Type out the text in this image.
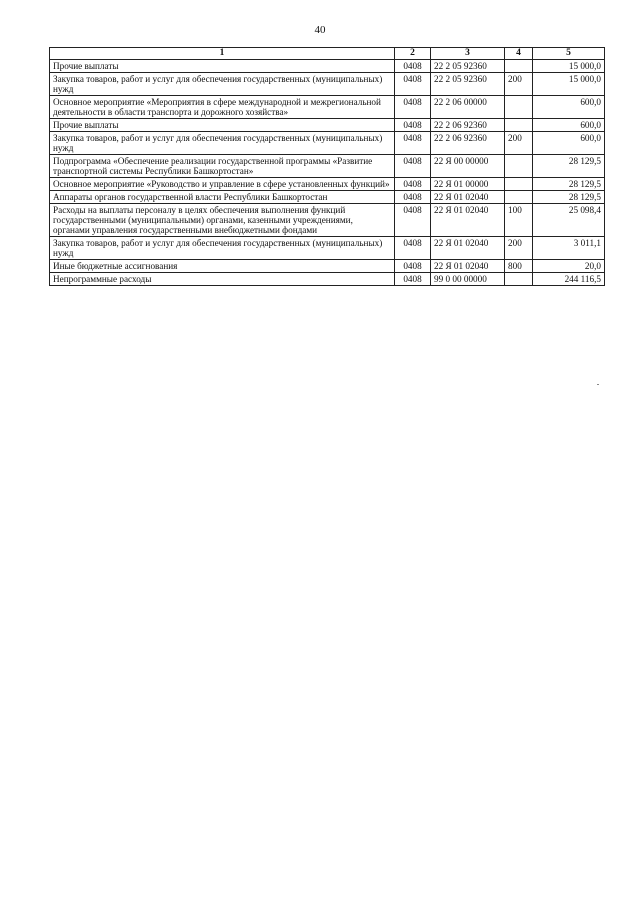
40
1	2	3	4	5
Прочие выплаты	0408	22 2 05 92360		15 000,0
Закупка товаров, работ и услуг для обеспечения государственных (муниципальных) нужд	0408	22 2 05 92360	200	15 000,0
Основное мероприятие «Мероприятия в сфере международной и межрегиональной деятельности в области транспорта и дорожного хозяйства»	0408	22 2 06 00000		600,0
Прочие выплаты	0408	22 2 06 92360		600,0
Закупка товаров, работ и услуг для обеспечения государственных (муниципальных) нужд	0408	22 2 06 92360	200	600,0
Подпрограмма «Обеспечение реализации государственной программы «Развитие транспортной системы Республики Башкортостан»	0408	22 Я 00 00000		28 129,5
Основное мероприятие «Руководство и управление в сфере установленных функций»	0408	22 Я 01 00000		28 129,5
Аппараты органов государственной власти Республики Башкортостан	0408	22 Я 01 02040		28 129,5
Расходы на выплаты персоналу в целях обеспечения выполнения функций государственными (муниципальными) органами, казенными учреждениями, органами управления государственными внебюджетными фондами	0408	22 Я 01 02040	100	25 098,4
Закупка товаров, работ и услуг для обеспечения государственных (муниципальных) нужд	0408	22 Я 01 02040	200	3 011,1
Иные бюджетные ассигнования	0408	22 Я 01 02040	800	20,0
Непрограммные расходы	0408	99 0 00 00000		244 116,5
